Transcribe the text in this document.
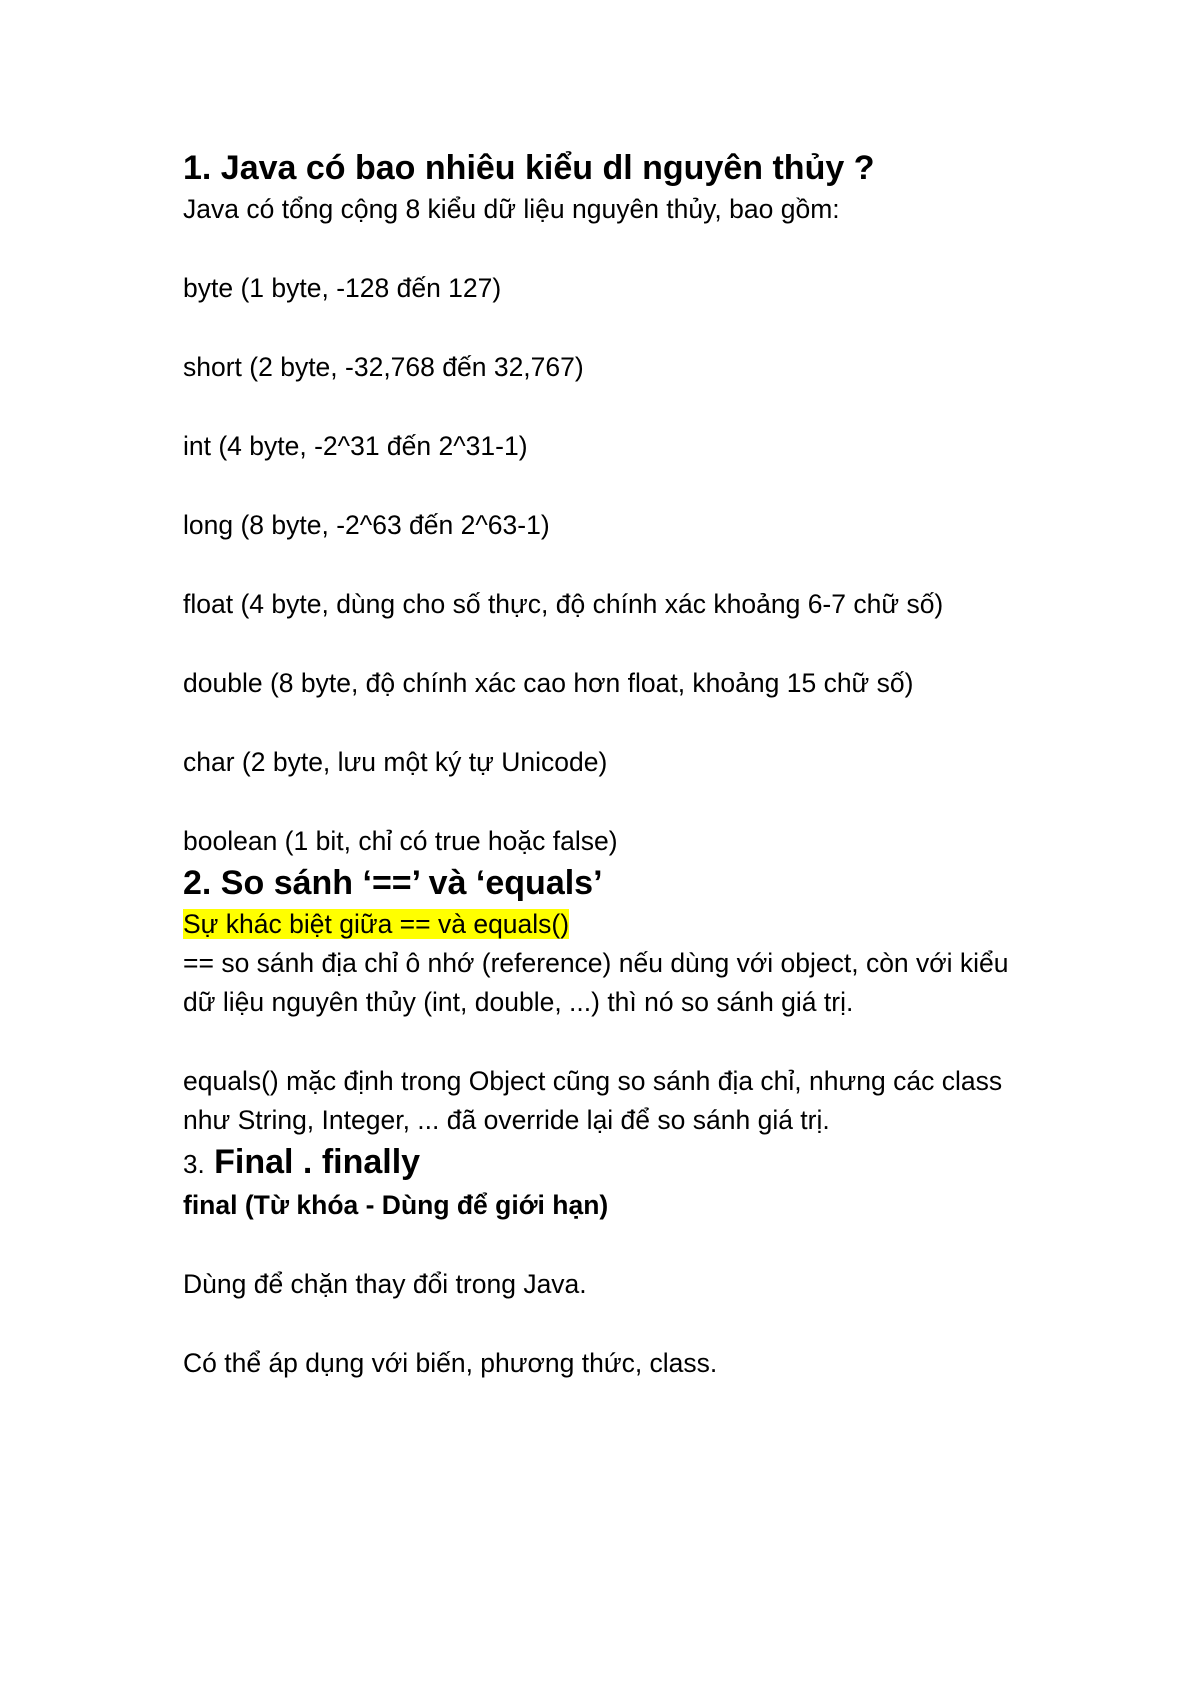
1. Java có bao nhiêu kiểu dl nguyên thủy ?

Java có tổng cộng 8 kiểu dữ liệu nguyên thủy, bao gồm:

byte (1 byte, -128 đến 127)

short (2 byte, -32,768 đến 32,767)

int (4 byte, -2^31 đến 2^31-1)

long (8 byte, -2^63 đến 2^63-1)

float (4 byte, dùng cho số thực, độ chính xác khoảng 6-7 chữ số)

double (8 byte, độ chính xác cao hơn float, khoảng 15 chữ số)

char (2 byte, lưu một ký tự Unicode)

boolean (1 bit, chỉ có true hoặc false)

2. So sánh ‘==’ và ‘equals’

Sự khác biệt giữa == và equals()

== so sánh địa chỉ ô nhớ (reference) nếu dùng với object, còn với kiểu dữ liệu nguyên thủy (int, double, ...) thì nó so sánh giá trị.

equals() mặc định trong Object cũng so sánh địa chỉ, nhưng các class như String, Integer, ... đã override lại để so sánh giá trị.

3. Final . finally

final (Từ khóa - Dùng để giới hạn)

Dùng để chặn thay đổi trong Java.

Có thể áp dụng với biến, phương thức, class.
